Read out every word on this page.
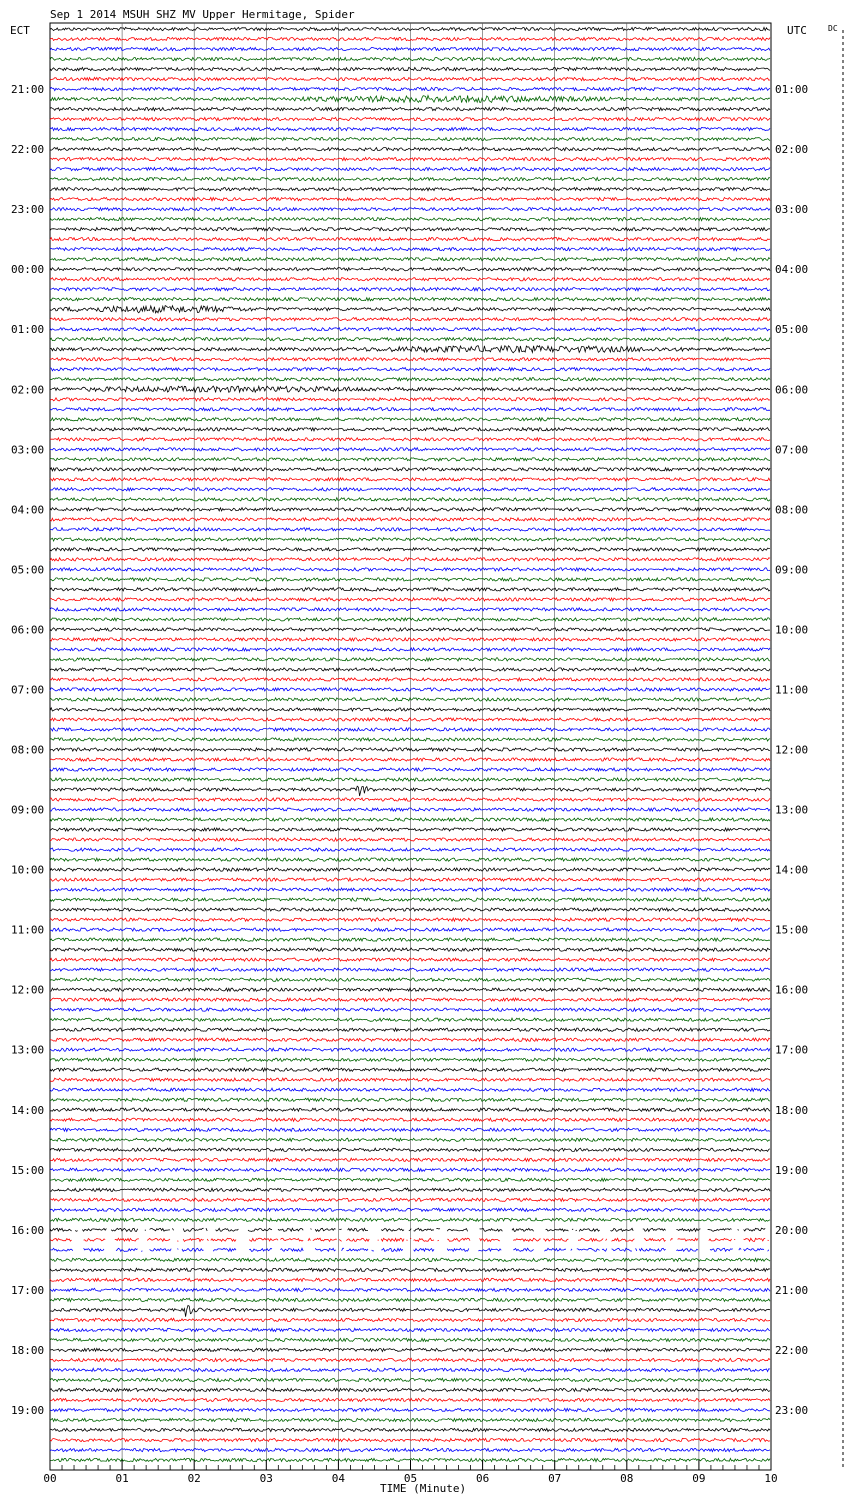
Sep 1 2014 MSUH SHZ MV Upper Hermitage, Spider
ECT	UTC	DC
TIME (Minute)
21:00	01:00
22:00	02:00
23:00	03:00
00:00	04:00
01:00	05:00
02:00	06:00
03:00	07:00
04:00	08:00
05:00	09:00
06:00	10:00
07:00	11:00
08:00	12:00
09:00	13:00
10:00	14:00
11:00	15:00
12:00	16:00
13:00	17:00
14:00	18:00
15:00	19:00
16:00	20:00
17:00	21:00
18:00	22:00
19:00	23:00
00	01	02	03	04	05	06	07	08	09	10
